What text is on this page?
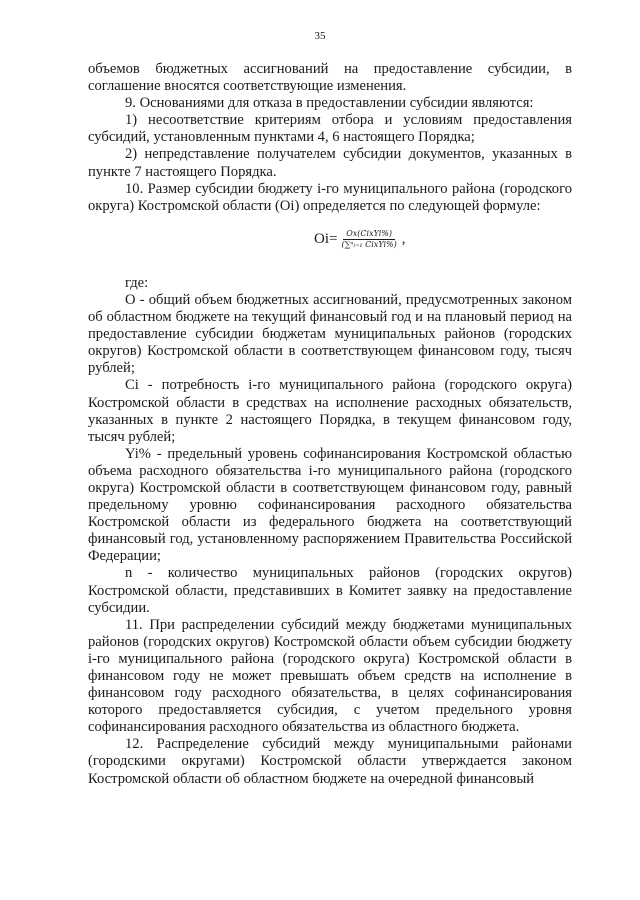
35

объемов бюджетных ассигнований на предоставление субсидии, в соглашение вносятся соответствующие изменения.

9. Основаниями для отказа в предоставлении субсидии являются:

1) несоответствие критериям отбора и условиям предоставления субсидий, установленным пунктами 4, 6 настоящего Порядка;

2) непредставление получателем субсидии документов, указанных в пункте 7 настоящего Порядка.

10. Размер субсидии бюджету i-го муниципального района (городского округа) Костромской области (Oi) определяется по следующей формуле:

$Oi= \frac{\text{Ox(CixYi\%)}}{\text{(∑ⁿᵢ₌₁ CixYi\%)}}$ ,

где:

O - общий объем бюджетных ассигнований, предусмотренных законом об областном бюджете на текущий финансовый год и на плановый период на предоставление субсидии бюджетам муниципальных районов (городских округов) Костромской области в соответствующем финансовом году, тысяч рублей;

Ci - потребность i-го муниципального района (городского округа) Костромской области в средствах на исполнение расходных обязательств, указанных в пункте 2 настоящего Порядка, в текущем финансовом году, тысяч рублей;

Yi% - предельный уровень софинансирования Костромской областью объема расходного обязательства i-го муниципального района (городского округа) Костромской области в соответствующем финансовом году, равный предельному уровню софинансирования расходного обязательства Костромской области из федерального бюджета на соответствующий финансовый год, установленному распоряжением Правительства Российской Федерации;

n - количество муниципальных районов (городских округов) Костромской области, представивших в Комитет заявку на предоставление субсидии.

11. При распределении субсидий между бюджетами муниципальных районов (городских округов) Костромской области объем субсидии бюджету i-го муниципального района (городского округа) Костромской области в финансовом году не может превышать объем средств на исполнение в финансовом году расходного обязательства, в целях софинансирования которого предоставляется субсидия, с учетом предельного уровня софинансирования расходного обязательства из областного бюджета.

12. Распределение субсидий между муниципальными районами (городскими округами) Костромской области утверждается законом Костромской области об областном бюджете на очередной финансовый
